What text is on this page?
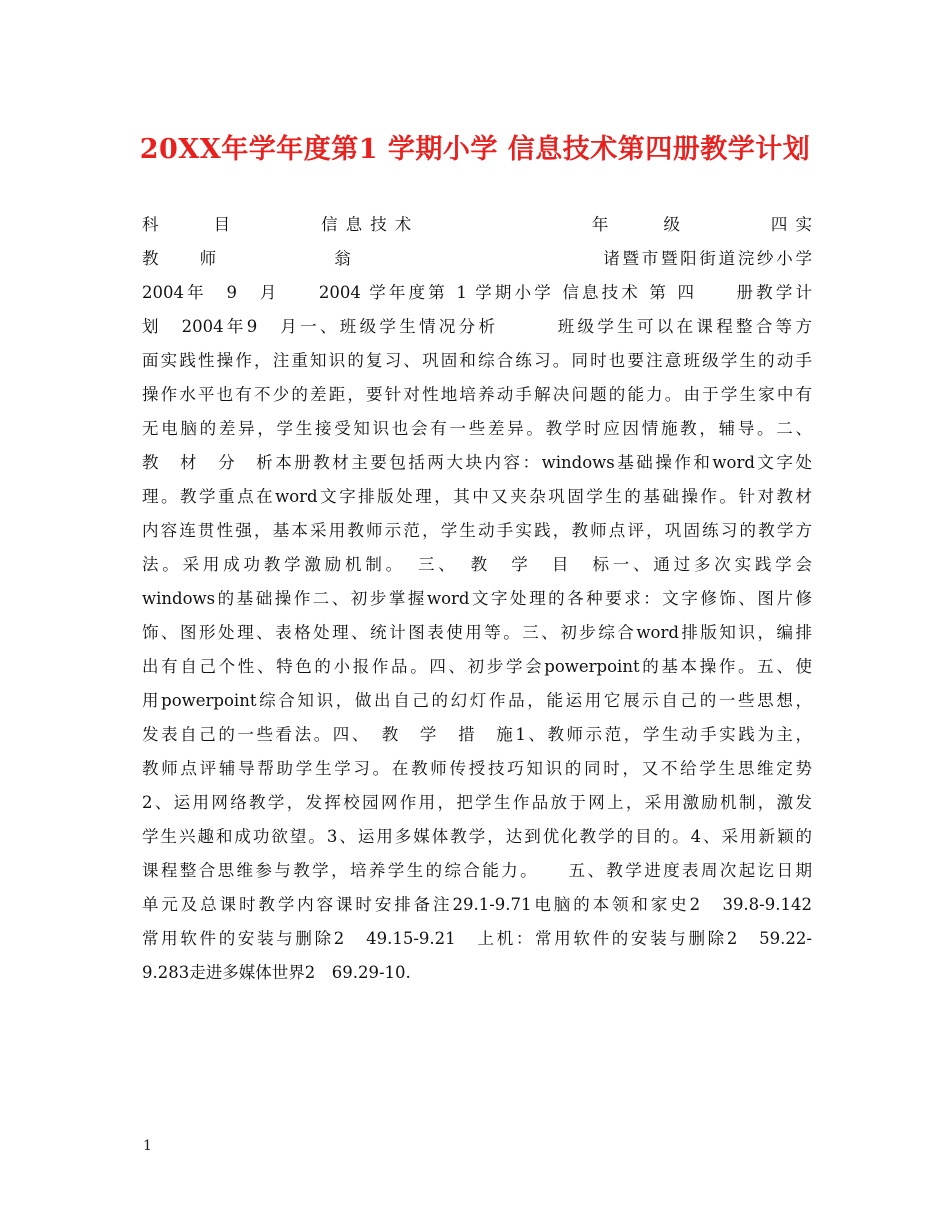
20XX年学年度第1 学期小学 信息技术第四册教学计划
科　　　目　　　　　信 息 技 术　　　　　　　　　　年　　　级　　　　　四 实
教　　师　　　　　　翁　　　　　　　　　　　　　诸暨市暨阳街道浣纱小学
2004年　9　月　　2004 学年度第 1 学期小学 信息技术 第 四　　册教学计
划　2004年9　月一、班级学生情况分析　　　班级学生可以在课程整合等方
面实践性操作，注重知识的复习、巩固和综合练习。同时也要注意班级学生的动手
操作水平也有不少的差距，要针对性地培养动手解决问题的能力。由于学生家中有
无电脑的差异，学生接受知识也会有一些差异。教学时应因情施教，辅导。二、
教　材　分　析本册教材主要包括两大块内容：windows基础操作和word文字处
理。教学重点在word文字排版处理，其中又夹杂巩固学生的基础操作。针对教材
内容连贯性强，基本采用教师示范，学生动手实践，教师点评，巩固练习的教学方
法。采用成功教学激励机制。　三、　教　学　目　标一、通过多次实践学会
windows的基础操作二、初步掌握word文字处理的各种要求：文字修饰、图片修
饰、图形处理、表格处理、统计图表使用等。三、初步综合word排版知识，编排
出有自己个性、特色的小报作品。四、初步学会powerpoint的基本操作。五、使
用powerpoint综合知识，做出自己的幻灯作品，能运用它展示自己的一些思想，
发表自己的一些看法。四、　教　学　措　施1、教师示范，学生动手实践为主，
教师点评辅导帮助学生学习。在教师传授技巧知识的同时，又不给学生思维定势
2、运用网络教学，发挥校园网作用，把学生作品放于网上，采用激励机制，激发
学生兴趣和成功欲望。3、运用多媒体教学，达到优化教学的目的。4、采用新颖的
课程整合思维参与教学，培养学生的综合能力。　　五、教学进度表周次起讫日期
单元及总课时教学内容课时安排备注29.1-9.71电脑的本领和家史2　39.8-9.142
常用软件的安装与删除2　49.15-9.21　上机：常用软件的安装与删除2　59.22-
9.283走进多媒体世界2　69.29-10.
1
